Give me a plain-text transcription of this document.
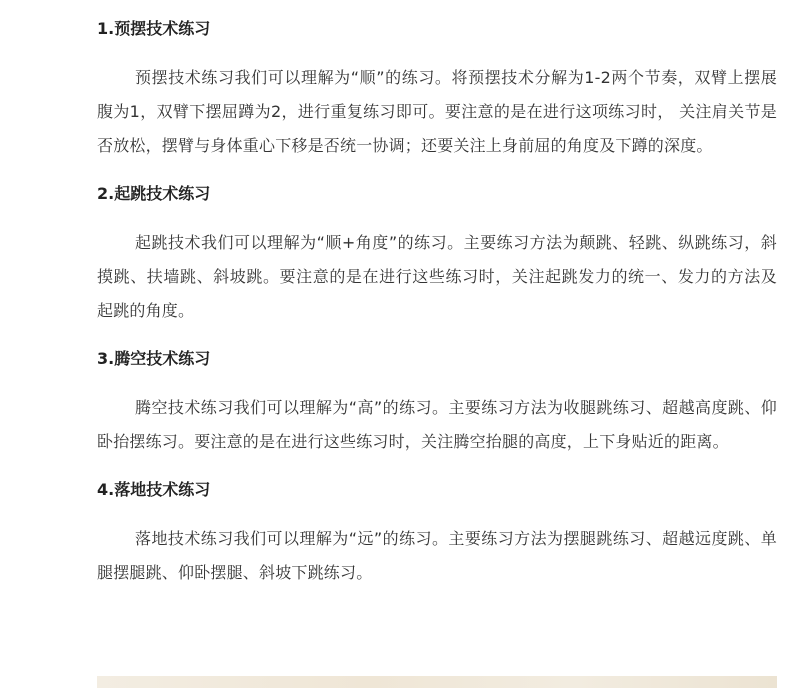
1.预摆技术练习

预摆技术练习我们可以理解为“顺”的练习。将预摆技术分解为1-2两个节奏，双臂上摆展腹为1，双臂下摆屈蹲为2，进行重复练习即可。要注意的是在进行这项练习时， 关注肩关节是否放松，摆臂与身体重心下移是否统一协调；还要关注上身前屈的角度及下蹲的深度。

2.起跳技术练习

起跳技术我们可以理解为“顺+角度”的练习。主要练习方法为颠跳、轻跳、纵跳练习，斜摸跳、扶墙跳、斜坡跳。要注意的是在进行这些练习时，关注起跳发力的统一、发力的方法及起跳的角度。

3.腾空技术练习

腾空技术练习我们可以理解为“高”的练习。主要练习方法为收腿跳练习、超越高度跳、仰卧抬摆练习。要注意的是在进行这些练习时，关注腾空抬腿的高度，上下身贴近的距离。

4.落地技术练习

落地技术练习我们可以理解为“远”的练习。主要练习方法为摆腿跳练习、超越远度跳、单腿摆腿跳、仰卧摆腿、斜坡下跳练习。
